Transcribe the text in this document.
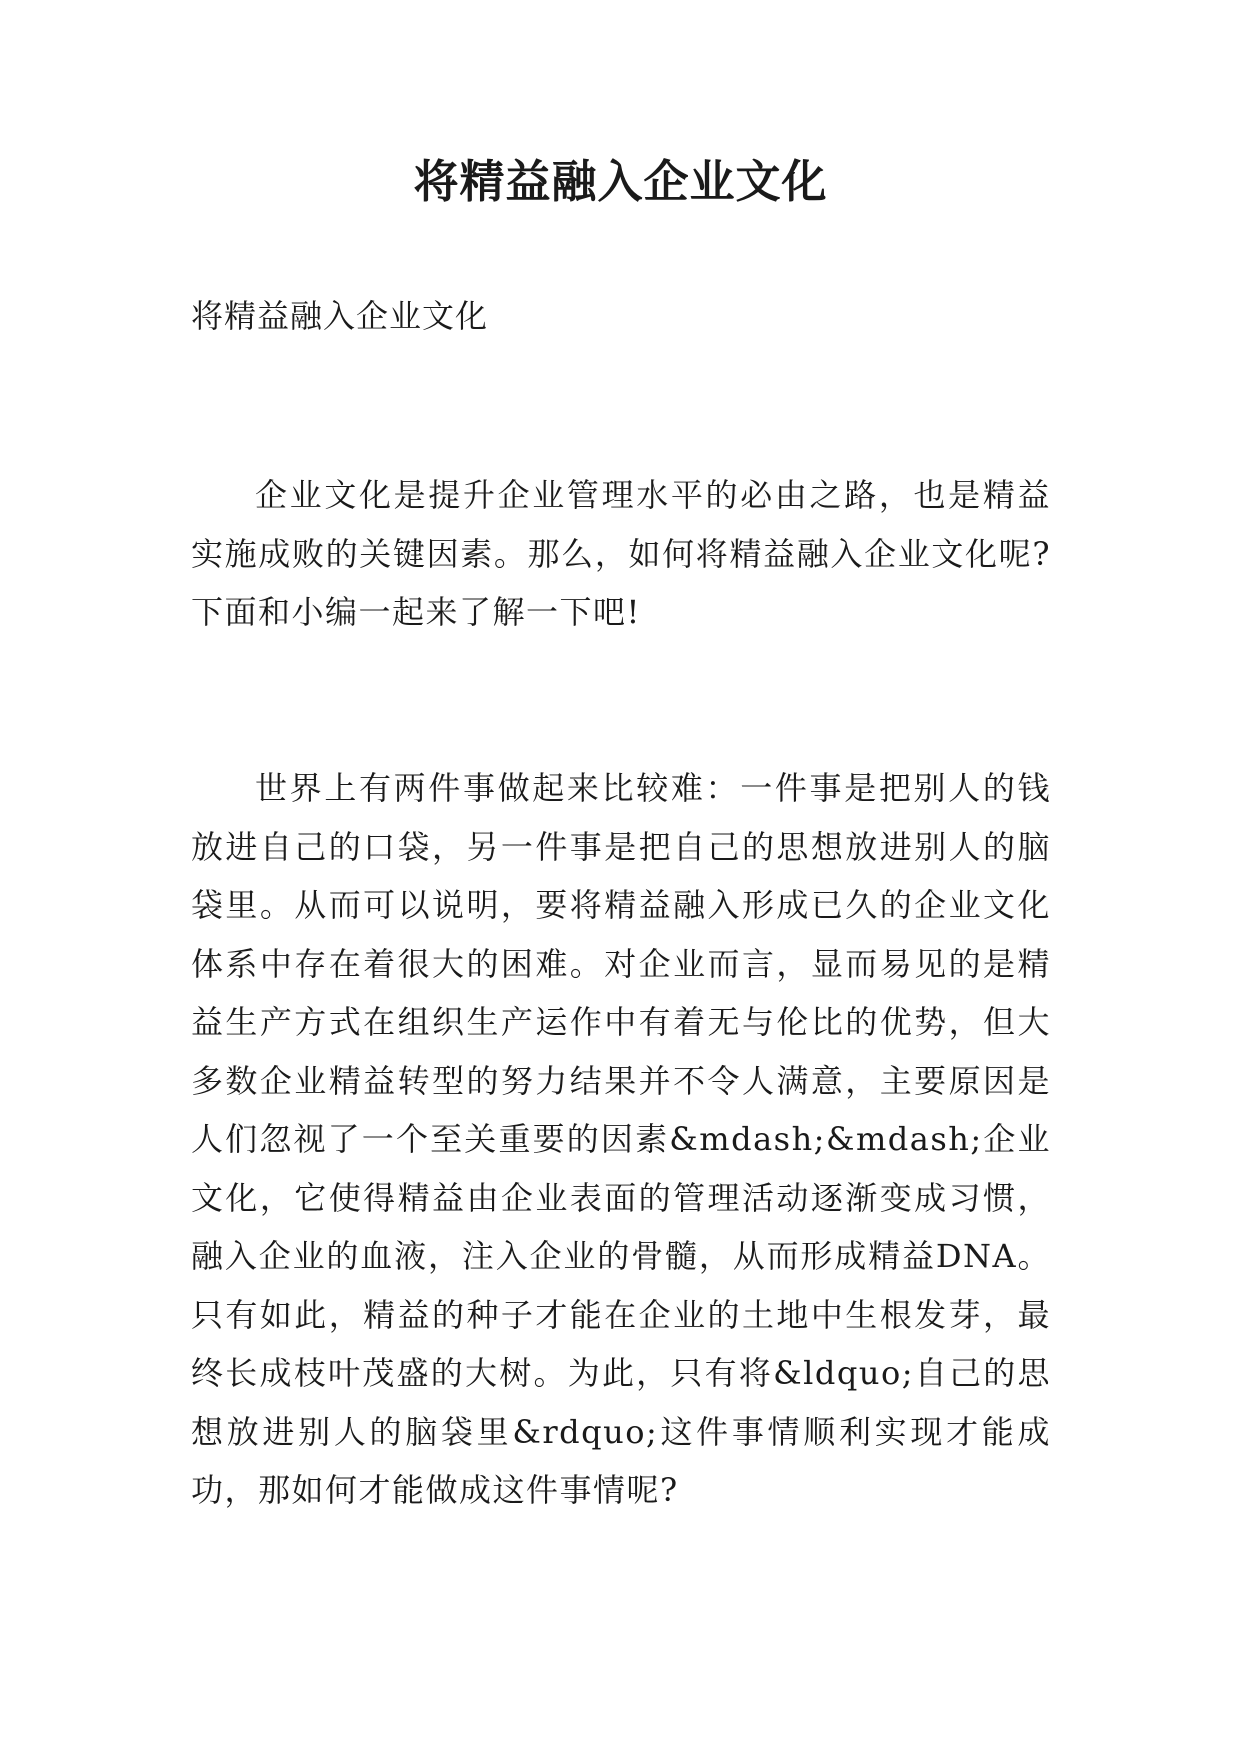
将精益融入企业文化

将精益融入企业文化

企业文化是提升企业管理水平的必由之路，也是精益实施成败的关键因素。那么，如何将精益融入企业文化呢?下面和小编一起来了解一下吧!

世界上有两件事做起来比较难：一件事是把别人的钱放进自己的口袋，另一件事是把自己的思想放进别人的脑袋里。从而可以说明，要将精益融入形成已久的企业文化体系中存在着很大的困难。对企业而言，显而易见的是精益生产方式在组织生产运作中有着无与伦比的优势，但大多数企业精益转型的努力结果并不令人满意，主要原因是人们忽视了一个至关重要的因素&mdash;&mdash;企业文化，它使得精益由企业表面的管理活动逐渐变成习惯，融入企业的血液，注入企业的骨髓，从而形成精益DNA。只有如此，精益的种子才能在企业的土地中生根发芽，最终长成枝叶茂盛的大树。为此，只有将&ldquo;自己的思想放进别人的脑袋里&rdquo;这件事情顺利实现才能成功，那如何才能做成这件事情呢?
